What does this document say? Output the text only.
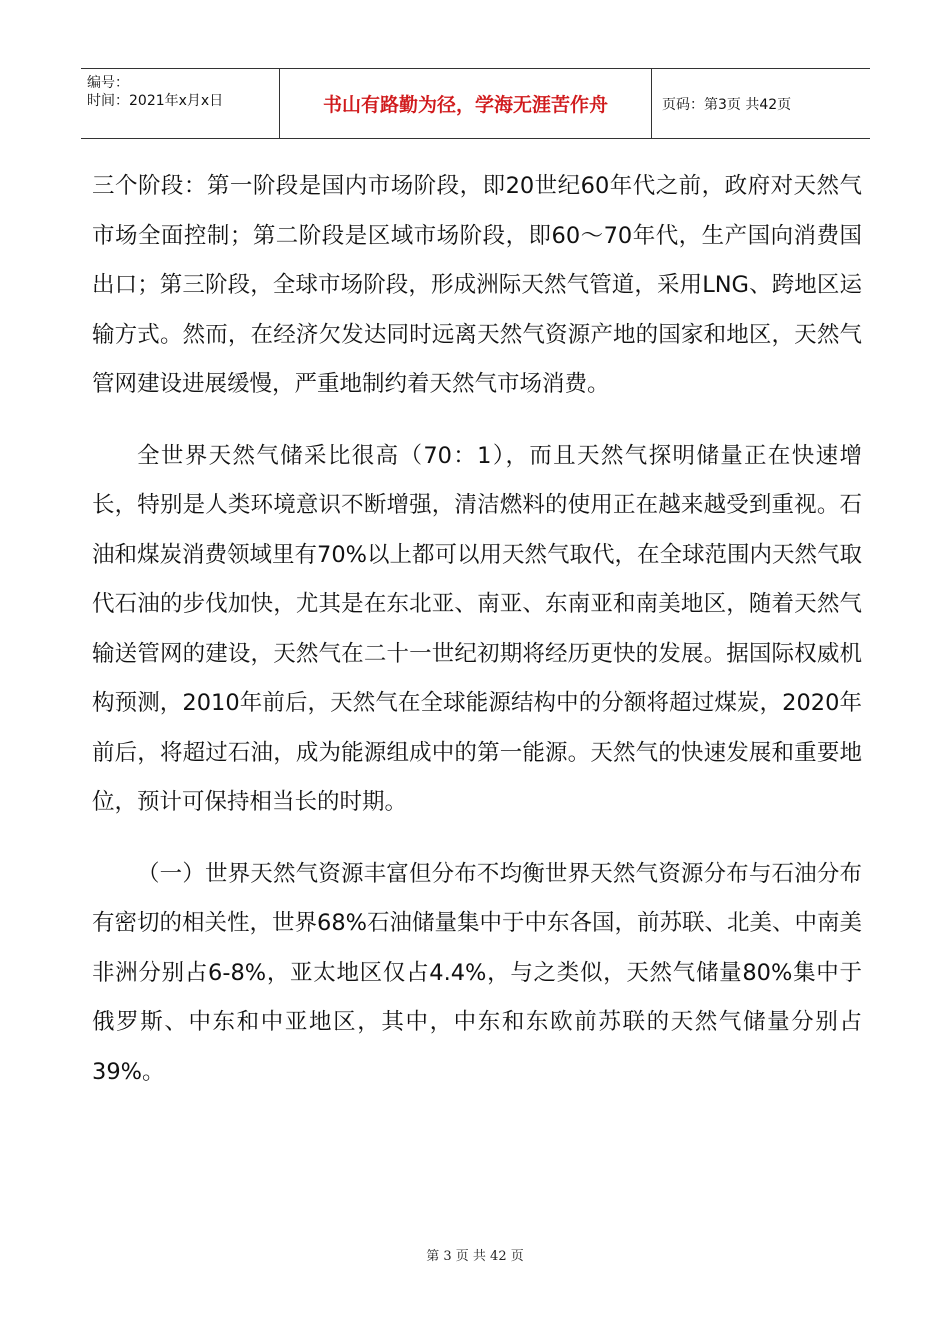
编号：
时间：2021年x月x日	书山有路勤为径，学海无涯苦作舟	页码：第3页 共42页

三个阶段：第一阶段是国内市场阶段，即20世纪60年代之前，政府对天然气市场全面控制；第二阶段是区域市场阶段，即60～70年代，生产国向消费国出口；第三阶段，全球市场阶段，形成洲际天然气管道，采用LNG、跨地区运输方式。然而，在经济欠发达同时远离天然气资源产地的国家和地区，天然气管网建设进展缓慢，严重地制约着天然气市场消费。

全世界天然气储采比很高（70：1），而且天然气探明储量正在快速增长，特别是人类环境意识不断增强，清洁燃料的使用正在越来越受到重视。石油和煤炭消费领域里有70%以上都可以用天然气取代，在全球范围内天然气取代石油的步伐加快，尤其是在东北亚、南亚、东南亚和南美地区，随着天然气输送管网的建设，天然气在二十一世纪初期将经历更快的发展。据国际权威机构预测，2010年前后，天然气在全球能源结构中的分额将超过煤炭，2020年前后，将超过石油，成为能源组成中的第一能源。天然气的快速发展和重要地位，预计可保持相当长的时期。

（一）世界天然气资源丰富但分布不均衡世界天然气资源分布与石油分布有密切的相关性，世界68%石油储量集中于中东各国，前苏联、北美、中南美非洲分别占6-8%，亚太地区仅占4.4%，与之类似，天然气储量80%集中于俄罗斯、中东和中亚地区，其中，中东和东欧前苏联的天然气储量分别占39%。

第 3 页 共 42 页
